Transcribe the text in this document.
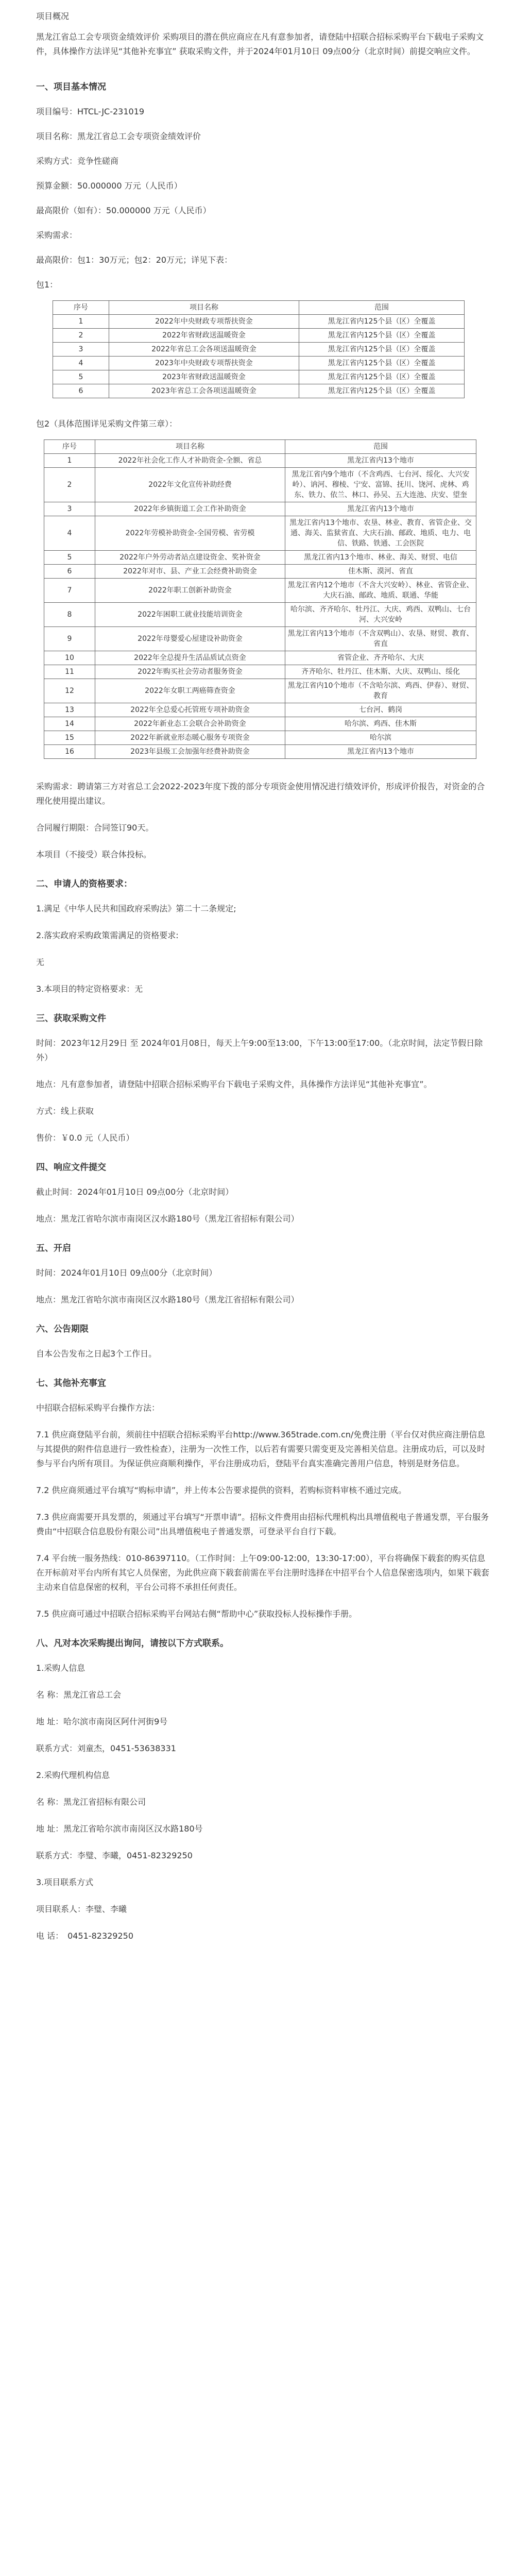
项目概况

黑龙江省总工会专项资金绩效评价 采购项目的潜在供应商应在凡有意参加者，请登陆中招联合招标采购平台下载电子采购文件，具体操作方法详见“其他补充事宜” 获取采购文件，并于2024年01月10日 09点00分（北京时间）前提交响应文件。

一、项目基本情况

项目编号：HTCL-JC-231019

项目名称：黑龙江省总工会专项资金绩效评价

采购方式：竞争性磋商

预算金额：50.000000 万元（人民币）

最高限价（如有）：50.000000 万元（人民币）

采购需求：

最高限价：包1：30万元；包2：20万元；详见下表：

包1：

序号	项目名称	范围
1	2022年中央财政专项帮扶资金	黑龙江省内125个县（区）全覆盖
2	2022年省财政送温暖资金	黑龙江省内125个县（区）全覆盖
3	2022年省总工会各项送温暖资金	黑龙江省内125个县（区）全覆盖
4	2023年中央财政专项帮扶资金	黑龙江省内125个县（区）全覆盖
5	2023年省财政送温暖资金	黑龙江省内125个县（区）全覆盖
6	2023年省总工会各项送温暖资金	黑龙江省内125个县（区）全覆盖

包2（具体范围详见采购文件第三章）：

序号	项目名称	范围
1	2022年社会化工作人才补助资金-全额、省总	黑龙江省内13个地市
2	2022年文化宣传补助经费	黑龙江省内9个地市（不含鸡西、七台河、绥化、大兴安岭）、讷河、穆棱、宁安、富锦、抚川、饶河、虎林、鸡东、铁力、依兰、林口、孙吴、五大连池、庆安、望奎
3	2022年乡镇街道工会工作补助资金	黑龙江省内13个地市
4	2022年劳模补助资金-全国劳模、省劳模	黑龙江省内13个地市、农垦、林业、教育、省管企业、交通、海关、监狱省直、大庆石油、邮政、地质、电力、电信、铁路、铁通、工会医院
5	2022年户外劳动者站点建设资金、奖补资金	黑龙江省内13个地市、林业、海关、财贸、电信
6	2022年对市、县、产业工会经费补助资金	佳木斯、漠河、省直
7	2022年职工创新补助资金	黑龙江省内12个地市（不含大兴安岭）、林业、省管企业、大庆石油、邮政、地质、联通、华能
8	2022年困职工就业技能培训资金	哈尔滨、齐齐哈尔、牡丹江、大庆、鸡西、双鸭山、七台河、大兴安岭
9	2022年母婴爱心屋建设补助资金	黑龙江省内13个地市（不含双鸭山）、农垦、财贸、教育、省直
10	2022年全总提升生活品质试点资金	省管企业、齐齐哈尔、大庆
11	2022年购买社会劳动者服务资金	齐齐哈尔、牡丹江、佳木斯、大庆、双鸭山、绥化
12	2022年女职工两癌筛查资金	黑龙江省内10个地市（不含哈尔滨、鸡西、伊春）、财贸、教育
13	2022年全总爱心托管班专项补助资金	七台河、鹤岗
14	2022年新业态工会联合会补助资金	哈尔滨、鸡西、佳木斯
15	2022年新就业形态暖心服务专项资金	哈尔滨
16	2023年县级工会加强年经费补助资金	黑龙江省内13个地市

采购需求：聘请第三方对省总工会2022-2023年度下拨的部分专项资金使用情况进行绩效评价，形成评价报告，对资金的合理化使用提出建议。

合同履行期限：合同签订90天。

本项目（不接受）联合体投标。

二、申请人的资格要求：

1.满足《中华人民共和国政府采购法》第二十二条规定;

2.落实政府采购政策需满足的资格要求:

无

3.本项目的特定资格要求：无

三、获取采购文件

时间：2023年12月29日 至 2024年01月08日，每天上午9:00至13:00，下午13:00至17:00。（北京时间，法定节假日除外）

地点：凡有意参加者，请登陆中招联合招标采购平台下载电子采购文件，具体操作方法详见“其他补充事宜”。

方式：线上获取

售价：￥0.0 元（人民币）

四、响应文件提交

截止时间：2024年01月10日 09点00分（北京时间）

地点：黑龙江省哈尔滨市南岗区汉水路180号（黑龙江省招标有限公司）

五、开启

时间：2024年01月10日 09点00分（北京时间）

地点：黑龙江省哈尔滨市南岗区汉水路180号（黑龙江省招标有限公司）

六、公告期限

自本公告发布之日起3个工作日。

七、其他补充事宜

中招联合招标采购平台操作方法：

7.1 供应商登陆平台前，须前往中招联合招标采购平台http://www.365trade.com.cn/免费注册（平台仅对供应商注册信息与其提供的附件信息进行一致性检查），注册为一次性工作，以后若有需要只需变更及完善相关信息。注册成功后，可以及时参与平台内所有项目。为保证供应商顺利操作，平台注册成功后，登陆平台真实准确完善用户信息，特别是财务信息。

7.2 供应商须通过平台填写“购标申请”，并上传本公告要求提供的资料，若购标资料审核不通过完成。

7.3 供应商需要开具发票的，须通过平台填写“开票申请”。招标文件费用由招标代理机构出具增值税电子普通发票，平台服务费由“中招联合信息股份有限公司”出具增值税电子普通发票，可登录平台自行下载。

7.4 平台统一服务热线：010-86397110。（工作时间：上午09:00-12:00，13:30-17:00），平台将确保下载套的购买信息在开标前对平台内所有其它人员保密，为此供应商下载套前需在平台注册时选择在中招平台个人信息保密选项内，如果下载套主动来自信息保密的权利，平台公司将不承担任何责任。

7.5 供应商可通过中招联合招标采购平台网站右侧“帮助中心”获取投标人投标操作手册。

八、凡对本次采购提出询问，请按以下方式联系。

1.采购人信息

名 称：黑龙江省总工会

地 址：哈尔滨市南岗区阿什河街9号

联系方式：刘童杰，0451-53638331

2.采购代理机构信息

名 称：黑龙江省招标有限公司

地 址：黑龙江省哈尔滨市南岗区汉水路180号

联系方式：李璧、李曦，0451-82329250

3.项目联系方式

项目联系人：李璧、李曦

电 话：　0451-82329250
